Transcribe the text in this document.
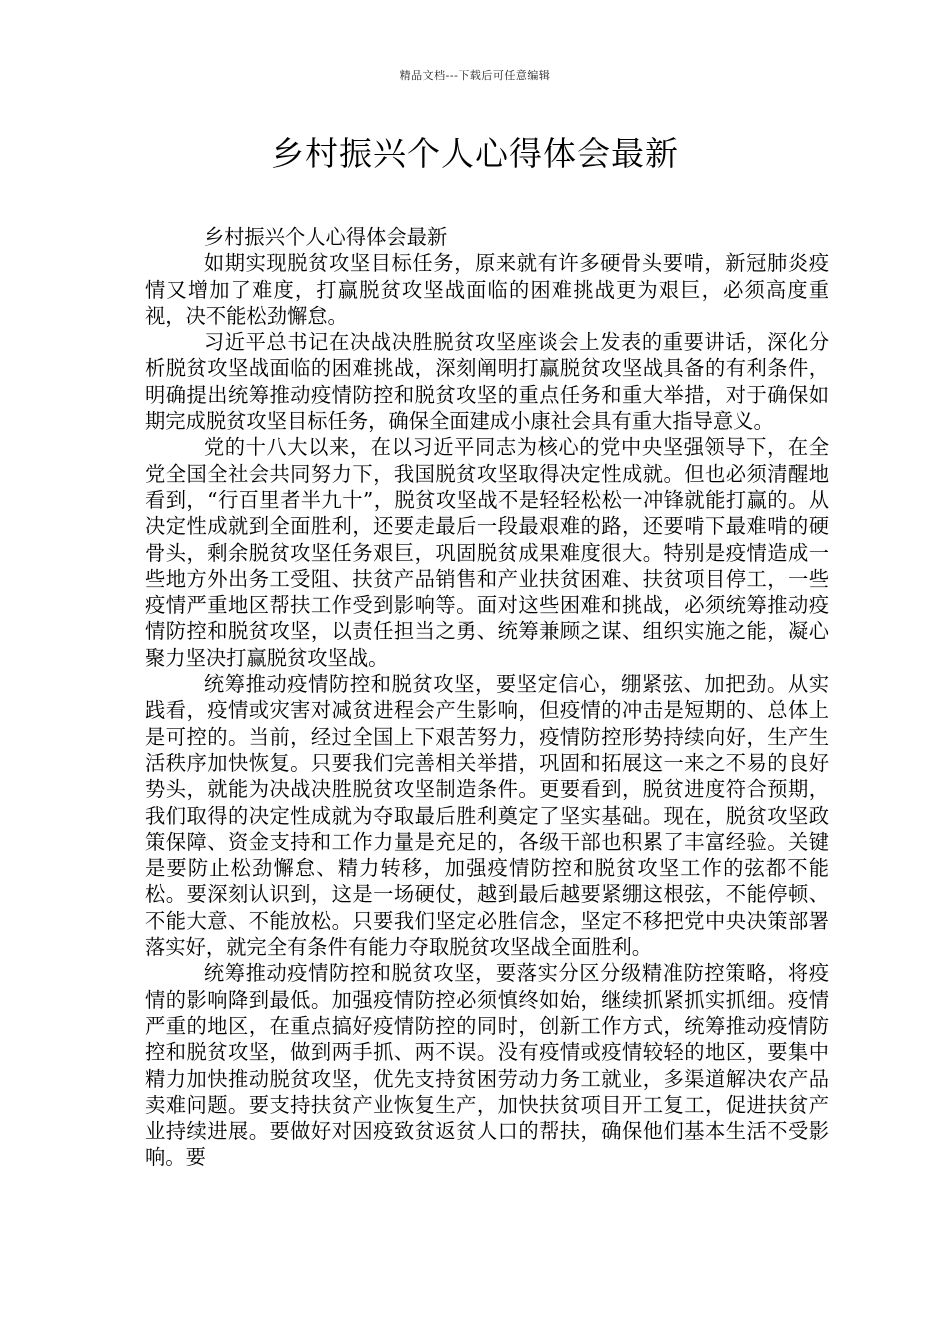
精品文档---下载后可任意编辑
乡村振兴个人心得体会最新

乡村振兴个人心得体会最新

如期实现脱贫攻坚目标任务，原来就有许多硬骨头要啃，新冠肺炎疫情又增加了难度，打赢脱贫攻坚战面临的困难挑战更为艰巨，必须高度重视，决不能松劲懈怠。

习近平总书记在决战决胜脱贫攻坚座谈会上发表的重要讲话，深化分析脱贫攻坚战面临的困难挑战，深刻阐明打赢脱贫攻坚战具备的有利条件，明确提出统筹推动疫情防控和脱贫攻坚的重点任务和重大举措，对于确保如期完成脱贫攻坚目标任务，确保全面建成小康社会具有重大指导意义。

党的十八大以来，在以习近平同志为核心的党中央坚强领导下，在全党全国全社会共同努力下，我国脱贫攻坚取得决定性成就。但也必须清醒地看到，“行百里者半九十”，脱贫攻坚战不是轻轻松松一冲锋就能打赢的。从决定性成就到全面胜利，还要走最后一段最艰难的路，还要啃下最难啃的硬骨头，剩余脱贫攻坚任务艰巨，巩固脱贫成果难度很大。特别是疫情造成一些地方外出务工受阻、扶贫产品销售和产业扶贫困难、扶贫项目停工，一些疫情严重地区帮扶工作受到影响等。面对这些困难和挑战，必须统筹推动疫情防控和脱贫攻坚，以责任担当之勇、统筹兼顾之谋、组织实施之能，凝心聚力坚决打赢脱贫攻坚战。

统筹推动疫情防控和脱贫攻坚，要坚定信心，绷紧弦、加把劲。从实践看，疫情或灾害对减贫进程会产生影响，但疫情的冲击是短期的、总体上是可控的。当前，经过全国上下艰苦努力，疫情防控形势持续向好，生产生活秩序加快恢复。只要我们完善相关举措，巩固和拓展这一来之不易的良好势头，就能为决战决胜脱贫攻坚制造条件。更要看到，脱贫进度符合预期，我们取得的决定性成就为夺取最后胜利奠定了坚实基础。现在，脱贫攻坚政策保障、资金支持和工作力量是充足的，各级干部也积累了丰富经验。关键是要防止松劲懈怠、精力转移，加强疫情防控和脱贫攻坚工作的弦都不能松。要深刻认识到，这是一场硬仗，越到最后越要紧绷这根弦，不能停顿、不能大意、不能放松。只要我们坚定必胜信念，坚定不移把党中央决策部署落实好，就完全有条件有能力夺取脱贫攻坚战全面胜利。

统筹推动疫情防控和脱贫攻坚，要落实分区分级精准防控策略，将疫情的影响降到最低。加强疫情防控必须慎终如始，继续抓紧抓实抓细。疫情严重的地区，在重点搞好疫情防控的同时，创新工作方式，统筹推动疫情防控和脱贫攻坚，做到两手抓、两不误。没有疫情或疫情较轻的地区，要集中精力加快推动脱贫攻坚，优先支持贫困劳动力务工就业，多渠道解决农产品卖难问题。要支持扶贫产业恢复生产，加快扶贫项目开工复工，促进扶贫产业持续进展。要做好对因疫致贫返贫人口的帮扶，确保他们基本生活不受影响。要
